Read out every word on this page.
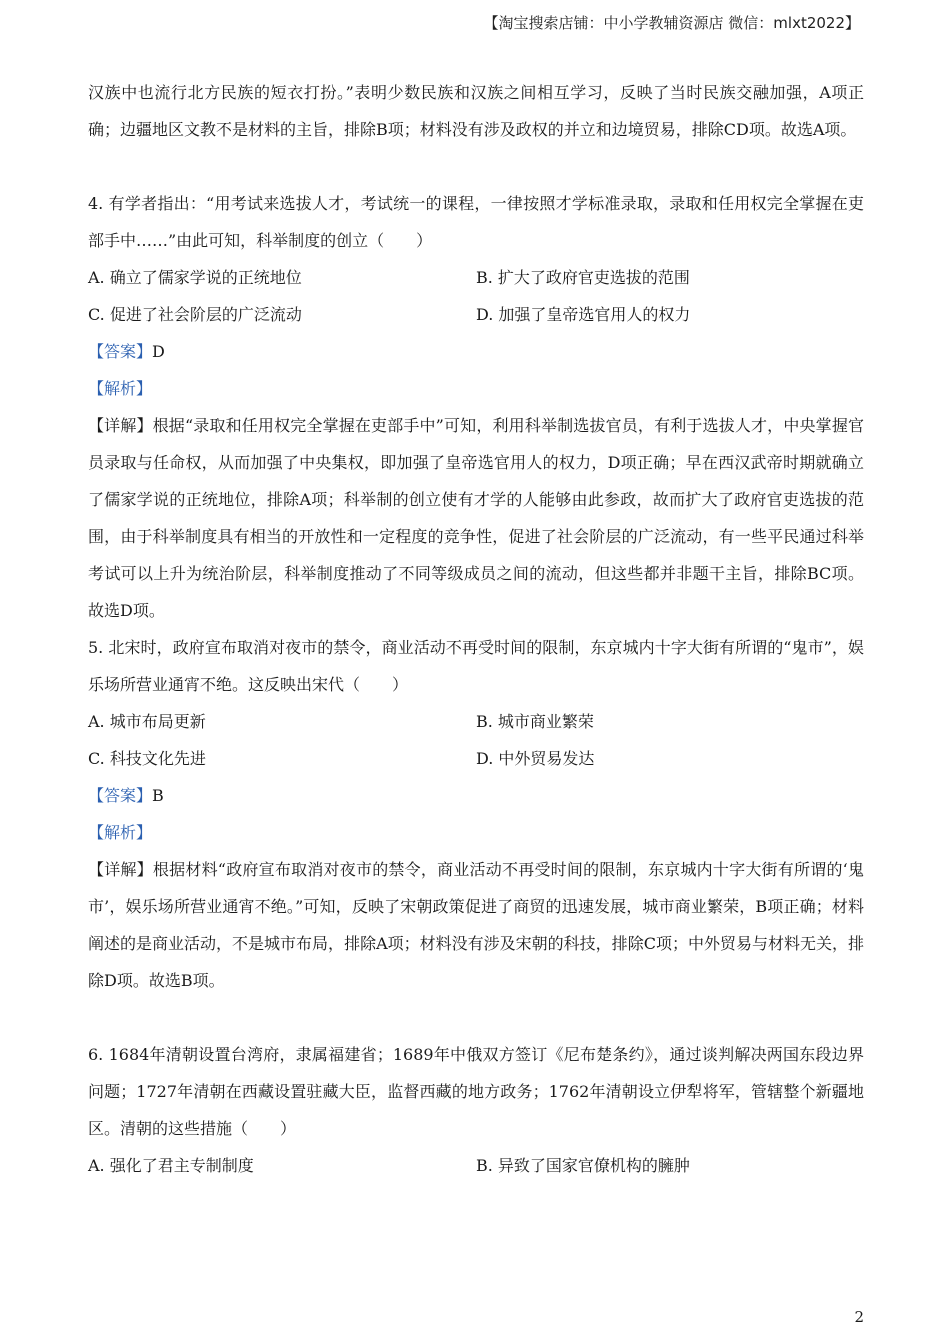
【淘宝搜索店铺：中小学教辅资源店 微信：mlxt2022】

汉族中也流行北方民族的短衣打扮。”表明少数民族和汉族之间相互学习，反映了当时民族交融加强，A项正确；边疆地区文教不是材料的主旨，排除B项；材料没有涉及政权的并立和边境贸易，排除CD项。故选A项。

4. 有学者指出：“用考试来选拔人才，考试统一的课程，一律按照才学标准录取，录取和任用权完全掌握在吏部手中……”由此可知，科举制度的创立（　　）

A. 确立了儒家学说的正统地位	B. 扩大了政府官吏选拔的范围
C. 促进了社会阶层的广泛流动	D. 加强了皇帝选官用人的权力

【答案】D

【解析】

【详解】根据“录取和任用权完全掌握在吏部手中”可知，利用科举制选拔官员，有利于选拔人才，中央掌握官员录取与任命权，从而加强了中央集权，即加强了皇帝选官用人的权力，D项正确；早在西汉武帝时期就确立了儒家学说的正统地位，排除A项；科举制的创立使有才学的人能够由此参政，故而扩大了政府官吏选拔的范围，由于科举制度具有相当的开放性和一定程度的竞争性，促进了社会阶层的广泛流动，有一些平民通过科举考试可以上升为统治阶层，科举制度推动了不同等级成员之间的流动，但这些都并非题干主旨，排除BC项。故选D项。

5. 北宋时，政府宣布取消对夜市的禁令，商业活动不再受时间的限制，东京城内十字大街有所谓的“鬼市”，娱乐场所营业通宵不绝。这反映出宋代（　　）

A. 城市布局更新	B. 城市商业繁荣
C. 科技文化先进	D. 中外贸易发达

【答案】B

【解析】

【详解】根据材料“政府宣布取消对夜市的禁令，商业活动不再受时间的限制，东京城内十字大街有所谓的‘鬼市’，娱乐场所营业通宵不绝。”可知，反映了宋朝政策促进了商贸的迅速发展，城市商业繁荣，B项正确；材料阐述的是商业活动，不是城市布局，排除A项；材料没有涉及宋朝的科技，排除C项；中外贸易与材料无关，排除D项。故选B项。

6. 1684年清朝设置台湾府，隶属福建省；1689年中俄双方签订《尼布楚条约》，通过谈判解决两国东段边界问题；1727年清朝在西藏设置驻藏大臣，监督西藏的地方政务；1762年清朝设立伊犁将军，管辖整个新疆地区。清朝的这些措施（　　）

A. 强化了君主专制制度	B. 异致了国家官僚机构的臃肿
2
